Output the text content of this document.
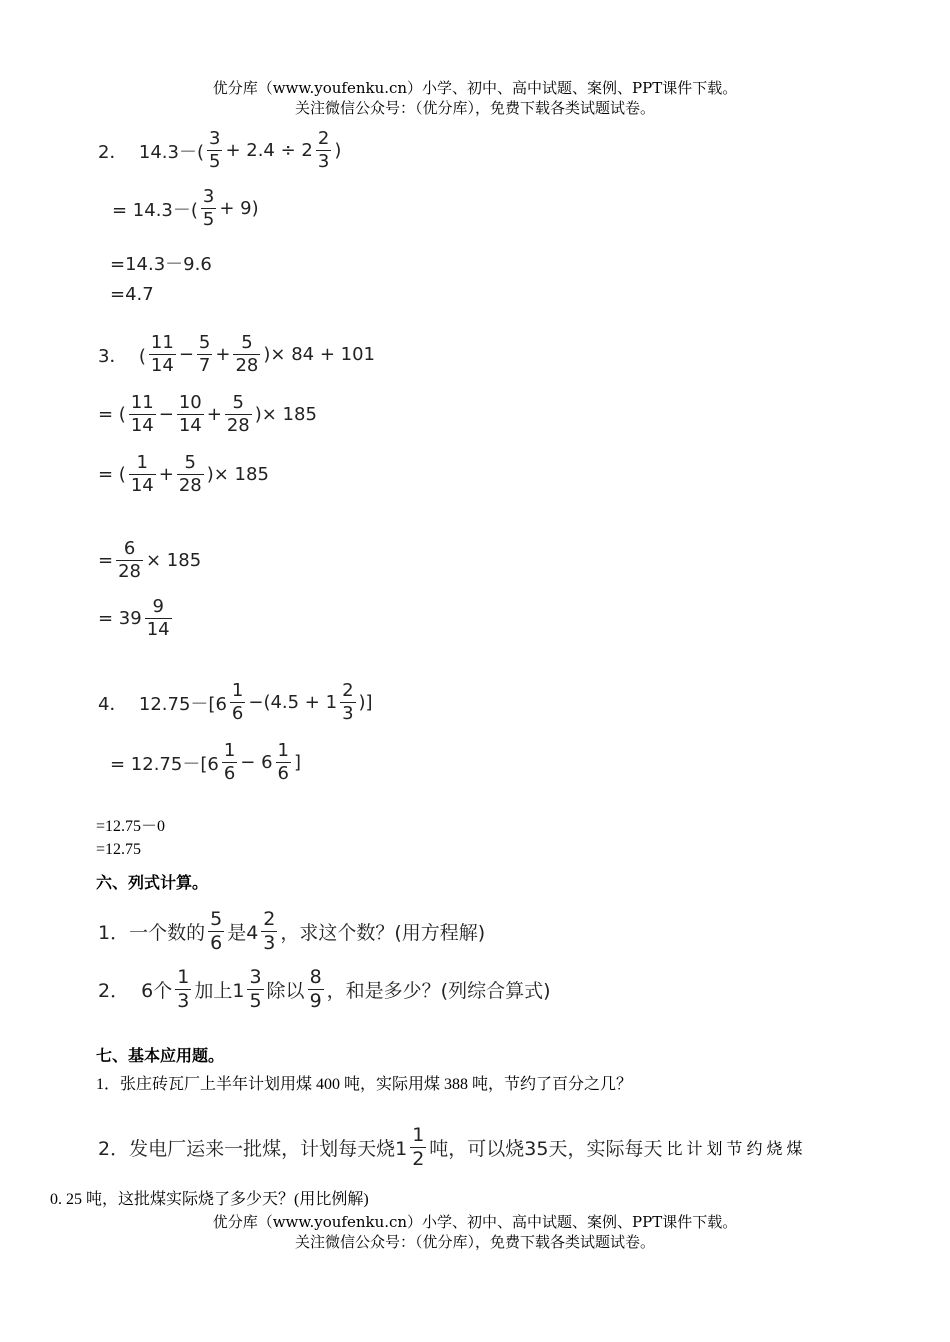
优分库（www.youfenku.cn）小学、初中、高中试题、案例、PPT课件下载。
关注微信公众号：（优分库），免费下载各类试题试卷。
2．  $14.3-( \frac{3}{5} + 2.4 \div 2 \frac{2}{3}$ )
= $14.3-( \frac{3}{5} + 9)$
=14.3－9.6
=4.7
3．  ( $\frac{11}{14} - \frac{5}{7} + \frac{5}{28}$ )× 84 + 101
= ( $\frac{11}{14} - \frac{10}{14} + \frac{5}{28}$ )× 185
= ( $\frac{1}{14} + \frac{5}{28}$ )× 185
= $\frac{6}{28} \times 185$
= $39 \frac{9}{14}$
4．  $12.75-[6 \frac{1}{6} -(4.5 + 1 \frac{2}{3}$ )]
= $12.75-[6 \frac{1}{6} - 6 \frac{1}{6}$ ]
=12.75－0
=12.75
六、列式计算。
1．一个数的 $\frac{5}{6}$ 是$4 \frac{2}{3}$ ，求这个数？(用方程解)
2．  6个 $\frac{1}{3}$ 加上$1 \frac{3}{5}$ 除以 $\frac{8}{9}$ ，和是多少？(列综合算式)
七、基本应用题。
1．张庄砖瓦厂上半年计划用煤 400 吨，实际用煤 388 吨，节约了百分之几？
2．发电厂运来一批煤，计划每天烧$1 \frac{1}{2}$ 吨，可以烧35天，实际每天 比 计 划 节 约 烧 煤
0. 25 吨，这批煤实际烧了多少天？(用比例解)
优分库（www.youfenku.cn）小学、初中、高中试题、案例、PPT课件下载。
关注微信公众号：（优分库），免费下载各类试题试卷。
